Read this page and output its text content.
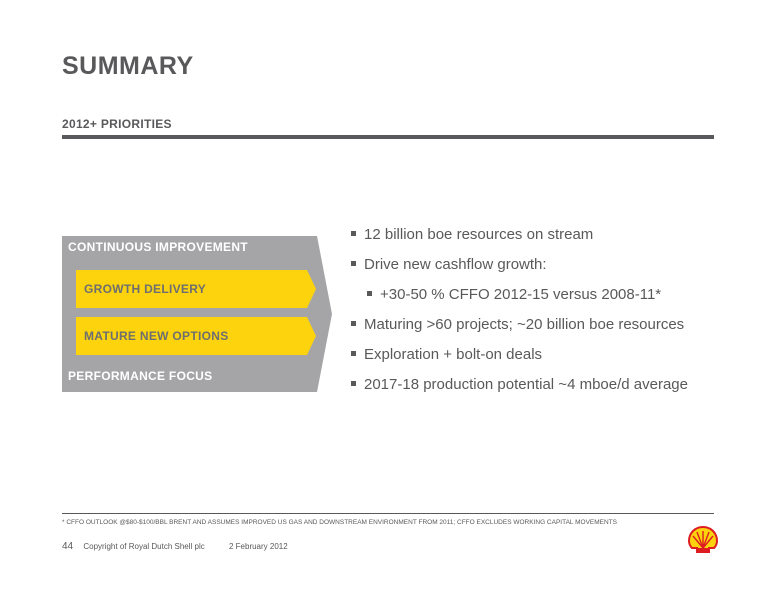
SUMMARY
2012+ PRIORITIES
CONTINUOUS IMPROVEMENT
GROWTH DELIVERY
MATURE NEW OPTIONS
PERFORMANCE FOCUS
12 billion boe resources on stream
Drive new cashflow growth:
+30-50 % CFFO 2012-15 versus 2008-11*
Maturing >60 projects; ~20 billion boe resources
Exploration + bolt-on deals
2017-18 production potential ~4 mboe/d average
* CFFO OUTLOOK @$80-$100/BBL BRENT AND ASSUMES IMPROVED US GAS AND DOWNSTREAM ENVIRONMENT FROM 2011; CFFO EXCLUDES WORKING CAPITAL MOVEMENTS
44 Copyright of Royal Dutch Shell plc	2 February 2012
